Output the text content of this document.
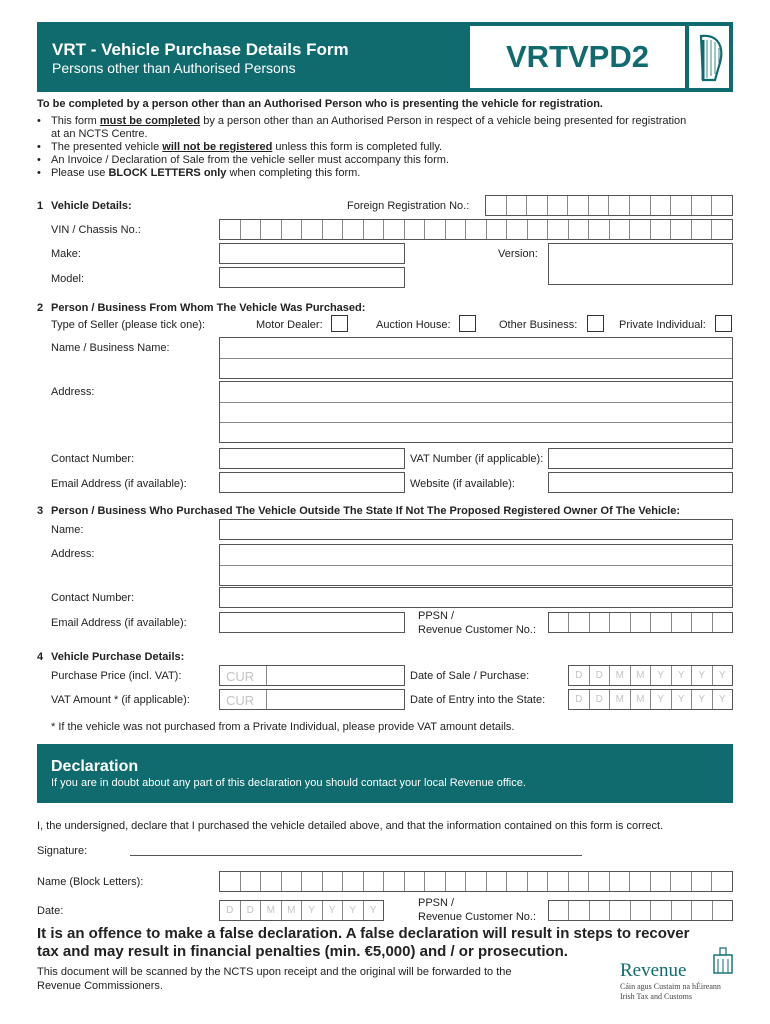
VRT - Vehicle Purchase Details Form
Persons other than Authorised Persons	VRTVPD2
To be completed by a person other than an Authorised Person who is presenting the vehicle for registration.
• This form must be completed by a person other than an Authorised Person in respect of a vehicle being presented for registration
at an NCTS Centre.
• The presented vehicle will not be registered unless this form is completed fully.
• An Invoice / Declaration of Sale from the vehicle seller must accompany this form.
• Please use BLOCK LETTERS only when completing this form.
1 Vehicle Details:	Foreign Registration No.:
VIN / Chassis No.:
Make:	Version:
Model:
2 Person / Business From Whom The Vehicle Was Purchased:
Type of Seller (please tick one):	Motor Dealer:	Auction House:	Other Business:	Private Individual:
Name / Business Name:
Address:
Contact Number:	VAT Number (if applicable):
Email Address (if available):	Website (if available):
3 Person / Business Who Purchased The Vehicle Outside The State If Not The Proposed Registered Owner Of The Vehicle:
Name:
Address:
Contact Number:
Email Address (if available):
PPSN /
Revenue Customer No.:
4 Vehicle Purchase Details:
Purchase Price (incl. VAT):	CUR	Date of Sale / Purchase:	D	D	M	M	Y	Y	Y	Y
VAT Amount * (if applicable):	CUR	Date of Entry into the State:	D	D	M	M	Y	Y	Y	Y
* If the vehicle was not purchased from a Private Individual, please provide VAT amount details.
Declaration
If you are in doubt about any part of this declaration you should contact your local Revenue office.
I, the undersigned, declare that I purchased the vehicle detailed above, and that the information contained on this form is correct.
Signature:
Name (Block Letters):
Date:	D	D	M	M	Y	Y	Y	Y
PPSN /
Revenue Customer No.:
It is an offence to make a false declaration. A false declaration will result in steps to recover
tax and may result in financial penalties (min. €5,000) and / or prosecution.
This document will be scanned by the NCTS upon receipt and the original will be forwarded to the
Revenue Commissioners.
Revenue
Cáin agus Custaim na hÉireann
Irish Tax and Customs
